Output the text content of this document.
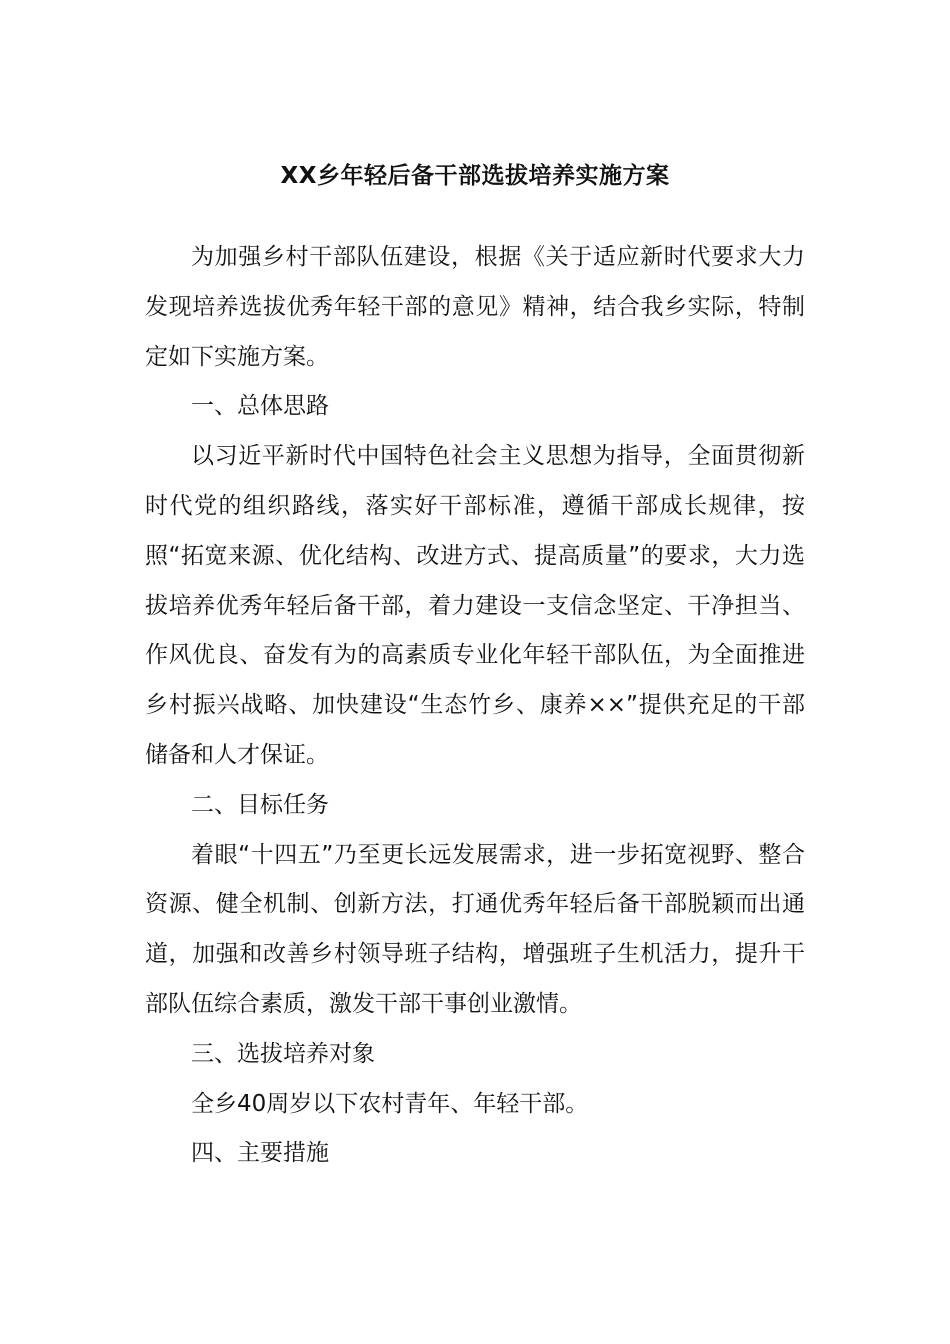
XX乡年轻后备干部选拔培养实施方案

为加强乡村干部队伍建设，根据《关于适应新时代要求大力发现培养选拔优秀年轻干部的意见》精神，结合我乡实际，特制定如下实施方案。

一、总体思路

以习近平新时代中国特色社会主义思想为指导，全面贯彻新时代党的组织路线，落实好干部标准，遵循干部成长规律，按照“拓宽来源、优化结构、改进方式、提高质量”的要求，大力选拔培养优秀年轻后备干部，着力建设一支信念坚定、干净担当、作风优良、奋发有为的高素质专业化年轻干部队伍，为全面推进乡村振兴战略、加快建设“生态竹乡、康养××”提供充足的干部储备和人才保证。

二、目标任务

着眼“十四五”乃至更长远发展需求，进一步拓宽视野、整合资源、健全机制、创新方法，打通优秀年轻后备干部脱颖而出通道，加强和改善乡村领导班子结构，增强班子生机活力，提升干部队伍综合素质，激发干部干事创业激情。

三、选拔培养对象

全乡40周岁以下农村青年、年轻干部。

四、主要措施
